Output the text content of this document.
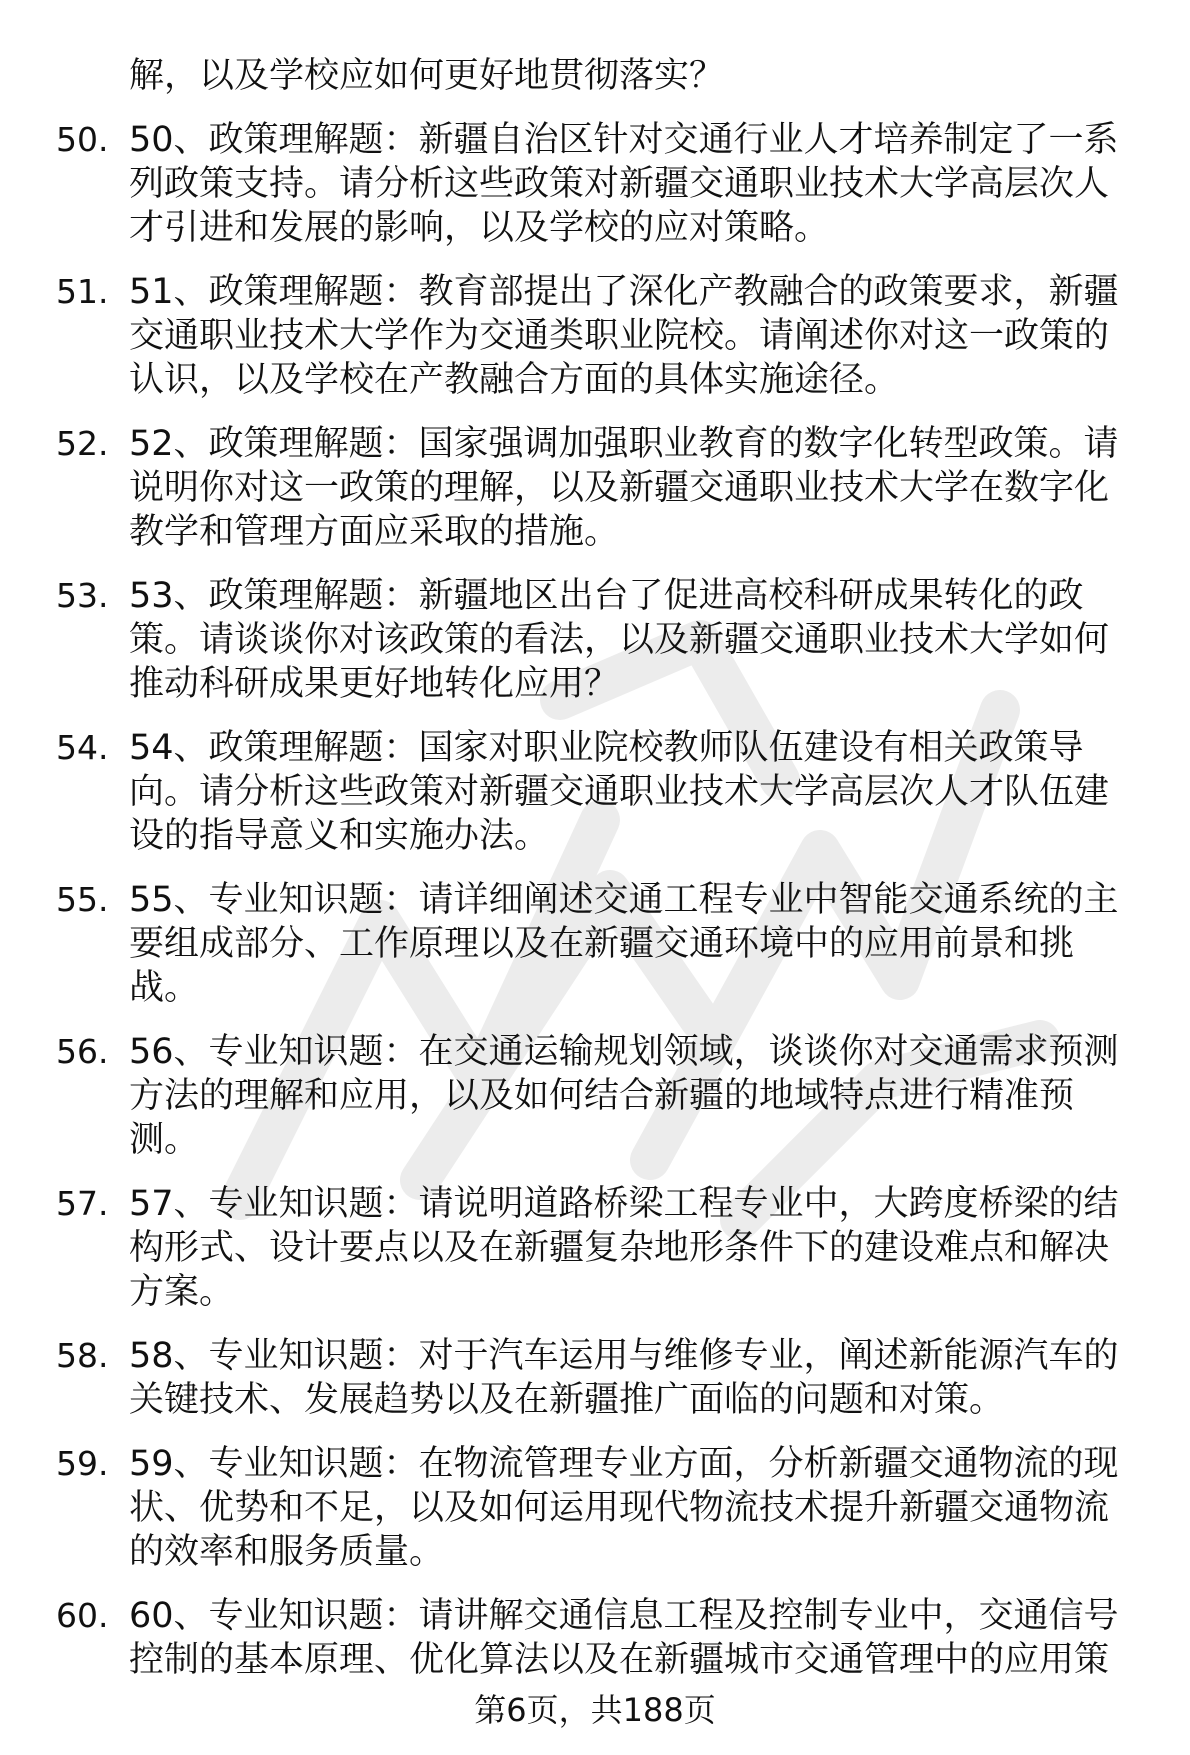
解，以及学校应如何更好地贯彻落实？
50. 50、政策理解题：新疆自治区针对交通行业人才培养制定了一系
列政策支持。请分析这些政策对新疆交通职业技术大学高层次人
才引进和发展的影响，以及学校的应对策略。
51. 51、政策理解题：教育部提出了深化产教融合的政策要求，新疆
交通职业技术大学作为交通类职业院校。请阐述你对这一政策的
认识，以及学校在产教融合方面的具体实施途径。
52. 52、政策理解题：国家强调加强职业教育的数字化转型政策。请
说明你对这一政策的理解，以及新疆交通职业技术大学在数字化
教学和管理方面应采取的措施。
53. 53、政策理解题：新疆地区出台了促进高校科研成果转化的政
策。请谈谈你对该政策的看法，以及新疆交通职业技术大学如何
推动科研成果更好地转化应用？
54. 54、政策理解题：国家对职业院校教师队伍建设有相关政策导
向。请分析这些政策对新疆交通职业技术大学高层次人才队伍建
设的指导意义和实施办法。
55. 55、专业知识题：请详细阐述交通工程专业中智能交通系统的主
要组成部分、工作原理以及在新疆交通环境中的应用前景和挑
战。
56. 56、专业知识题：在交通运输规划领域，谈谈你对交通需求预测
方法的理解和应用，以及如何结合新疆的地域特点进行精准预
测。
57. 57、专业知识题：请说明道路桥梁工程专业中，大跨度桥梁的结
构形式、设计要点以及在新疆复杂地形条件下的建设难点和解决
方案。
58. 58、专业知识题：对于汽车运用与维修专业，阐述新能源汽车的
关键技术、发展趋势以及在新疆推广面临的问题和对策。
59. 59、专业知识题：在物流管理专业方面，分析新疆交通物流的现
状、优势和不足，以及如何运用现代物流技术提升新疆交通物流
的效率和服务质量。
60. 60、专业知识题：请讲解交通信息工程及控制专业中，交通信号
控制的基本原理、优化算法以及在新疆城市交通管理中的应用策
第6页，共188页
